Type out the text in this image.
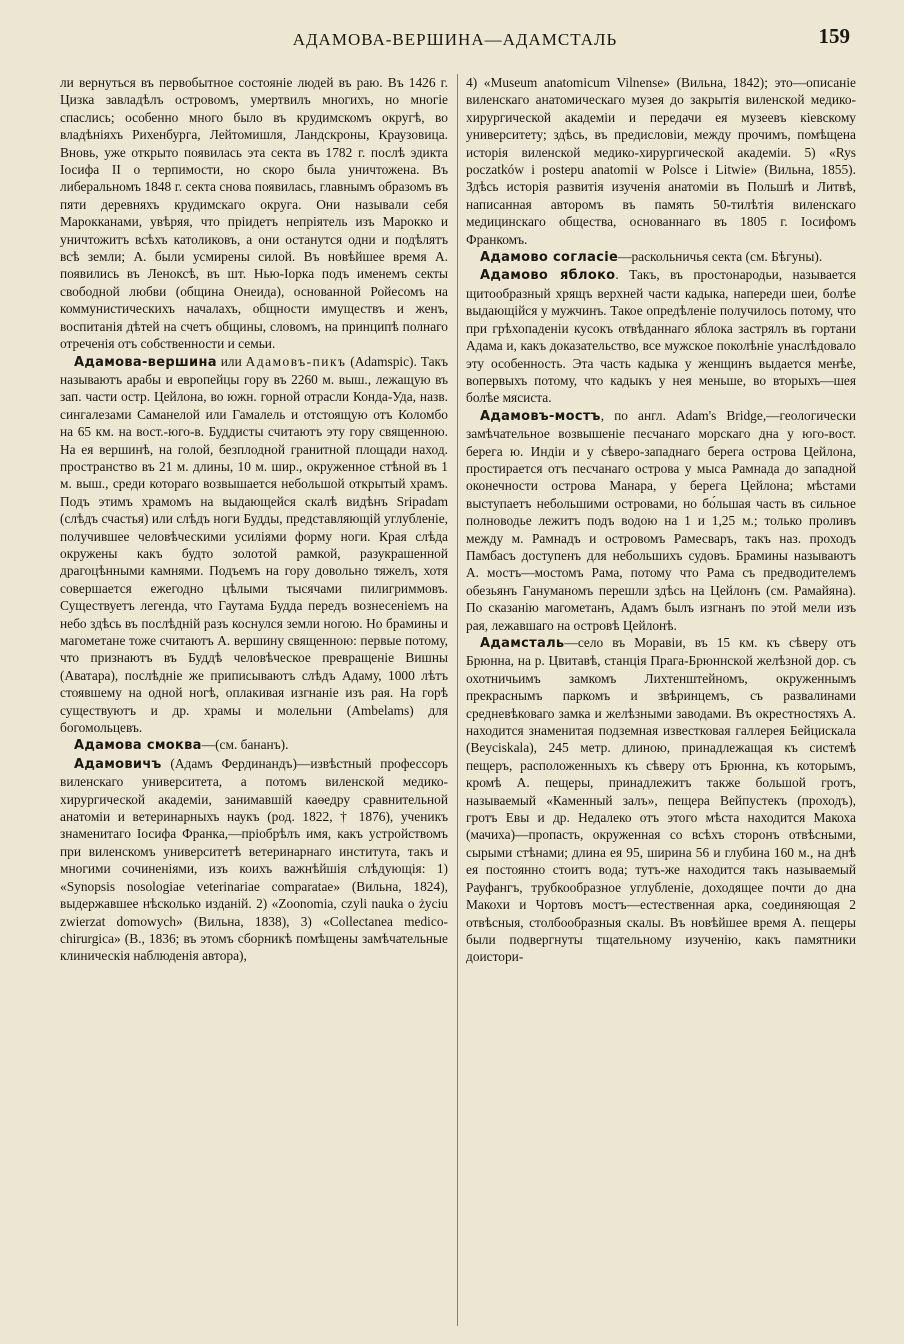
АДАМОВА-ВЕРШИНА—АДАМСТАЛЬ	159

ли вернуться въ первобытное состояніе людей въ раю. Въ 1426 г. Цизка завладѣлъ островомъ, умертвилъ многихъ, но многіе спаслись; особенно много было въ крудимскомъ округѣ, во владѣніяхъ Рихенбурга, Лейтомишля, Ландскроны, Краузовица. Вновь, уже открыто появилась эта секта въ 1782 г. послѣ эдикта Іосифа II о терпимости, но скоро была уничтожена. Въ либеральномъ 1848 г. секта снова появилась, главнымъ образомъ въ пяти деревняхъ крудимскаго округа. Они называли себя Марокканами, увѣряя, что пріидетъ непріятель изъ Марокко и уничтожитъ всѣхъ католиковъ, а они останутся одни и подѣлятъ всѣ земли; А. были усмирены силой. Въ новѣйшее время А. появились въ Леноксѣ, въ шт. Нью-Іорка подъ именемъ секты свободной любви (община Онеида), основанной Ройесомъ на коммунистическихъ началахъ, общности имуществъ и женъ, воспитанія дѣтей на счетъ общины, словомъ, на принципѣ полнаго отреченія отъ собственности и семьи.

Адамова-вершина или Адамовъ-пикъ (Adamspic). Такъ называютъ арабы и европейцы гору въ 2260 м. выш., лежащую въ зап. части остр. Цейлона, во южн. горной отрасли Конда-Уда, назв. сингалезами Саманелой или Гамалель и отстоящую отъ Коломбо на 65 км. на вост.-юго-в. Буддисты считаютъ эту гору священною. На ея вершинѣ, на голой, безплодной гранитной площади наход. пространство въ 21 м. длины, 10 м. шир., окруженное стѣной въ 1 м. выш., среди котораго возвышается небольшой открытый храмъ. Подъ этимъ храмомъ на выдающейся скалѣ видѣнъ Sripadam (слѣдъ счастья) или слѣдъ ноги Будды, представляющій углубленіе, получившее человѣческими усиліями форму ноги. Края слѣда окружены какъ будто золотой рамкой, разукрашенной драгоцѣнными камнями. Подъемъ на гору довольно тяжелъ, хотя совершается ежегодно цѣлыми тысячами пилигриммовъ. Существуетъ легенда, что Гаутама Будда передъ вознесеніемъ на небо здѣсь въ послѣдній разъ коснулся земли ногою. Но брамины и магометане тоже считаютъ А. вершину священною: первые потому, что признаютъ въ Буддѣ человѣческое превращеніе Вишны (Аватара), послѣдніе же приписываютъ слѣдъ Адаму, 1000 лѣтъ стоявшему на одной ногѣ, оплакивая изгнаніе изъ рая. На горѣ существуютъ и др. храмы и молельни (Ambelams) для богомольцевъ.

Адамова смоква—(см. бананъ).

Адамовичъ (Адамъ Фердинандъ)—извѣстный профессоръ виленскаго университета, а потомъ виленской медико-хирургической академіи, занимавшій каѳедру сравнительной анатоміи и ветеринарныхъ наукъ (род. 1822, † 1876), ученикъ знаменитаго Іосифа Франка,—пріобрѣлъ имя, какъ устройствомъ при виленскомъ университетѣ ветеринарнаго института, такъ и многими сочиненіями, изъ коихъ важнѣйшія слѣдующія: 1) «Synopsis nosologiae veterinariae comparatae» (Вильна, 1824), выдержавшее нѣсколько изданій. 2) «Zoonomia, czyli nauka o życiu zwierzat domowych» (Вильна, 1838), 3) «Collectanea medico-chirurgica» (В., 1836; въ этомъ сборникѣ помѣщены замѣчательные клиническія наблюденія автора),

4) «Museum anatomicum Vilnense» (Вильна, 1842); это—описаніе виленскаго анатомическаго музея до закрытія виленской медико-хирургической академіи и передачи ея музеевъ кіевскому университету; здѣсь, въ предисловіи, между прочимъ, помѣщена исторія виленской медико-хирургической академіи. 5) «Rys poczatków i postepu anatomii w Polsce i Litwie» (Вильна, 1855). Здѣсь исторія развитія изученія анатоміи въ Польшѣ и Литвѣ, написанная авторомъ въ память 50-тилѣтія виленскаго медицинскаго общества, основаннаго въ 1805 г. Іосифомъ Франкомъ.

Адамово согласіе—раскольничья секта (см. Бѣгуны).

Адамово яблоко. Такъ, въ простонародьи, называется щитообразный хрящъ верхней части кадыка, напереди шеи, болѣе выдающійся у мужчинъ. Такое опредѣленіе получилось потому, что при грѣхопаденіи кусокъ отвѣданнаго яблока застрялъ въ гортани Адама и, какъ доказательство, все мужское поколѣніе унаслѣдовало эту особенность. Эта часть кадыка у женщинъ выдается менѣе, вопервыхъ потому, что кадыкъ у нея меньше, во вторыхъ—шея болѣе мясиста.

Адамовъ-мостъ, по англ. Adam's Bridge,—геологически замѣчательное возвышеніе песчанаго морскаго дна у юго-вост. берега ю. Индіи и у сѣверо-западнаго берега острова Цейлона, простирается отъ песчанаго острова у мыса Рамнада до западной оконечности острова Манара, у берега Цейлона; мѣстами выступаетъ небольшими островами, но бо́льшая часть въ сильное полноводье лежитъ подъ водою на 1 и 1,25 м.; только проливъ между м. Рамнадъ и островомъ Рамесваръ, такъ наз. проходъ Памбасъ доступенъ для небольшихъ судовъ. Брамины называютъ А. мостъ—мостомъ Рама, потому что Рама съ предводителемъ обезьянъ Гануманомъ перешли здѣсь на Цейлонъ (см. Рамайяна). По сказанію магометанъ, Адамъ былъ изгнанъ по этой мели изъ рая, лежавшаго на островѣ Цейлонѣ.

Адамсталь—село въ Моравіи, въ 15 км. къ сѣверу отъ Брюнна, на р. Цвитавѣ, станція Прага-Брюннской желѣзной дор. съ охотничьимъ замкомъ Лихтенштейномъ, окруженнымъ прекраснымъ паркомъ и звѣринцемъ, съ развалинами средневѣковаго замка и желѣзными заводами. Въ окрестностяхъ А. находится знаменитая подземная известковая галлерея Бейцискала (Beyciskala), 245 метр. длиною, принадлежащая къ системѣ пещеръ, расположенныхъ къ сѣверу отъ Брюнна, къ которымъ, кромѣ А. пещеры, принадлежитъ также большой гротъ, называемый «Каменный залъ», пещера Вейпустекъ (проходъ), гротъ Евы и др. Недалеко отъ этого мѣста находится Макоха (мачиха)—пропасть, окруженная со всѣхъ сторонъ отвѣсными, сырыми стѣнами; длина ея 95, ширина 56 и глубина 160 м., на днѣ ея постоянно стоитъ вода; тутъ-же находится такъ называемый Рауфангъ, трубкообразное углубленіе, доходящее почти до дна Макохи и Чортовъ мостъ—естественная арка, соединяющая 2 отвѣсныя, столбообразныя скалы. Въ новѣйшее время А. пещеры были подвергнуты тщательному изученію, какъ памятники доистори-
